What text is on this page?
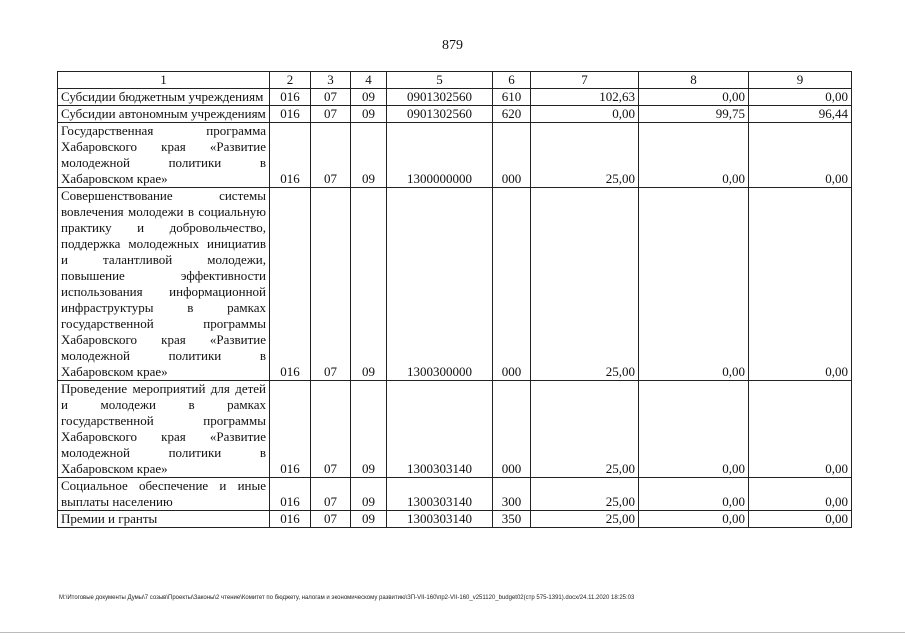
879
1	2	3	4	5	6	7	8	9
Субсидии бюджетным учреждениям	016	07	09	0901302560	610	102,63	0,00	0,00
Субсидии автономным учреждениям	016	07	09	0901302560	620	0,00	99,75	96,44
Государственная программа Хабаровского края «Развитие молодежной политики в Хабаровском крае»	016	07	09	1300000000	000	25,00	0,00	0,00
Совершенствование системы вовлечения молодежи в социальную практику и добровольчество, поддержка молодежных инициатив и талантливой молодежи, повышение эффективности использования информационной инфраструктуры в рамках государственной программы Хабаровского края «Развитие молодежной политики в Хабаровском крае»	016	07	09	1300300000	000	25,00	0,00	0,00
Проведение мероприятий для детей и молодежи в рамках государственной программы Хабаровского края «Развитие молодежной политики в Хабаровском крае»	016	07	09	1300303140	000	25,00	0,00	0,00
Социальное обеспечение и иные выплаты населению	016	07	09	1300303140	300	25,00	0,00	0,00
Премии и гранты	016	07	09	1300303140	350	25,00	0,00	0,00
M:\Итоговые документы Думы\7 созыв\Проекты\Законы\2 чтение\Комитет по бюджету, налогам и экономическому развитию\ЗП-VII-160\пр2-VII-160_v251120_budget02(стр 575-1391).docx/24.11.2020 18:25:03
